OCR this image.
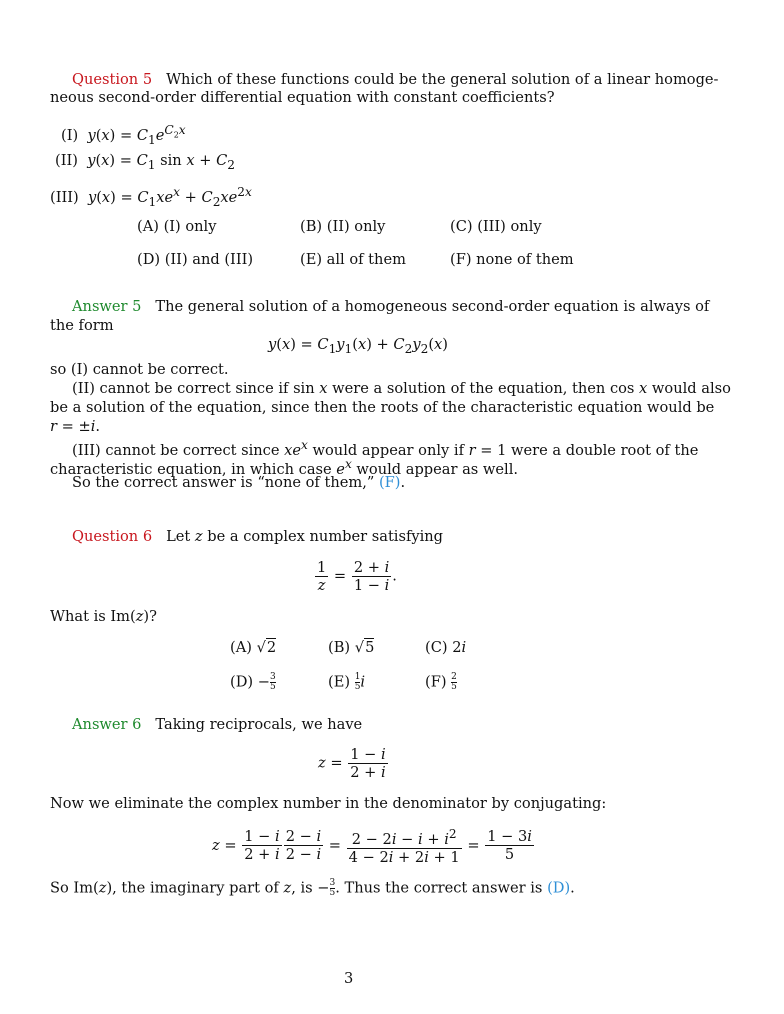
Question 5 Which of these functions could be the general solution of a linear homoge-
neous second-order differential equation with constant coefficients?
(I)  $y(x) = C_1e^{C_2x}$
(II)  $y(x) = C_1$ $\sin x + C_2$
(III)  $y(x) = C_1xe^x + C_2xe^{2x}$
(A) (I) only	(B) (II) only	(C) (III) only
(D) (II) and (III)	(E) all of them	(F) none of them
Answer 5 The general solution of a homogeneous second-order equation is always of
the form
$y(x) = C_1y_1(x) + C_2y_2(x)$
so (I) cannot be correct.
(II) cannot be correct since if sin x were a solution of the equation, then cos x would also
be a solution of the equation, since then the roots of the characteristic equation would be
r = ±i.
(III) cannot be correct since $xe^x$ would appear only if r = 1 were a double root of the
characteristic equation, in which case $e^x$ would appear as well.
So the correct answer is “none of them,” (F).
Question 6 Let z be a complex number satisfying
$\frac{1}{z} = \frac{2 + i}{1 - i}$ .
What is Im(z)?
(A) √2	(B) √5	(C) 2i
$(D) - \frac{3}{5}$	$(E) \frac{1}{5}$ i	$(F) \frac{2}{5}$
Answer 6 Taking reciprocals, we have
$z = \frac{1 - i}{2 + i}$
Now we eliminate the complex number in the denominator by conjugating:
$z = \frac{1 - i}{2 + i} \frac{2 - i}{2 - i} = \frac{2 - 2i - i + i^2}{4 - 2i + 2i + 1} = \frac{1 - 3i}{5}$
So Im(z), the imaginary part of z, is − $\frac{3}{5}$ . Thus the correct answer is (D).
3
